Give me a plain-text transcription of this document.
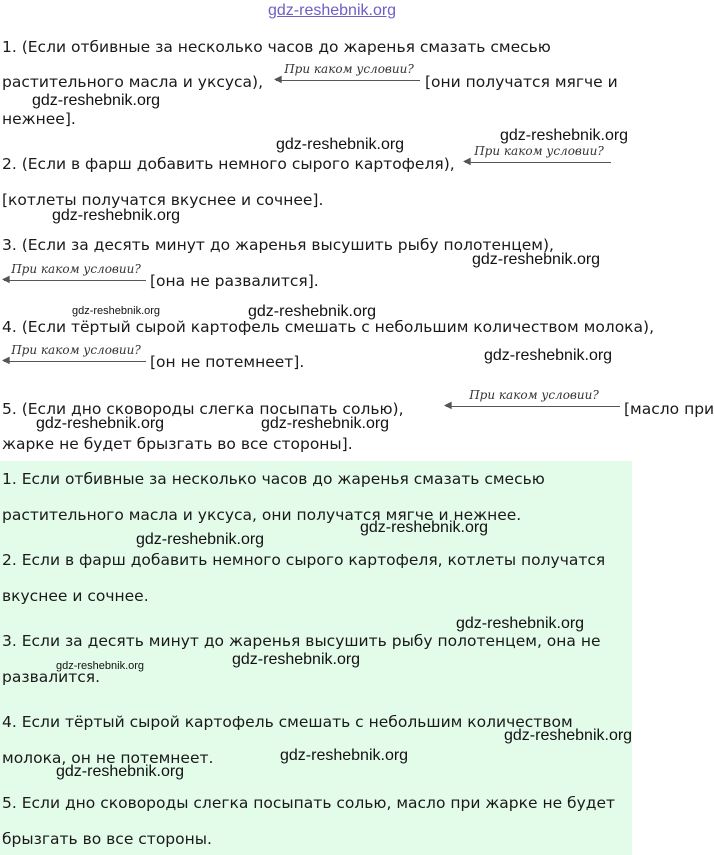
gdz-reshebnik.org
1. (Если отбивные за несколько часов до жаренья смазать смесью
растительного масла и уксуса),
При каком условии?
◀	[они получатся мягче и
нежнее].
2. (Если в фарш добавить немного сырого картофеля),
При каком условии?
◀
[котлеты получатся вкуснее и сочнее].
3. (Если за десять минут до жаренья высушить рыбу полотенцем),
При каком условии?
◀	[она не развалится].
4. (Если тёртый сырой картофель смешать с небольшим количеством молока),
При каком условии?
◀	[он не потемнеет].
5. (Если дно сковороды слегка посыпать солью),
При каком условии?
◀	[масло при
жарке не будет брызгать во все стороны].
1. Если отбивные за несколько часов до жаренья смазать смесью
растительного масла и уксуса, они получатся мягче и нежнее.
2. Если в фарш добавить немного сырого картофеля, котлеты получатся
вкуснее и сочнее.
3. Если за десять минут до жаренья высушить рыбу полотенцем, она не
развалится.
4. Если тёртый сырой картофель смешать с небольшим количеством
молока, он не потемнеет.
5. Если дно сковороды слегка посыпать солью, масло при жарке не будет
брызгать во все стороны.
gdz-reshebnik.org
gdz-reshebnik.org
gdz-reshebnik.org
gdz-reshebnik.org
gdz-reshebnik.org
gdz-reshebnik.org	gdz-reshebnik.org
gdz-reshebnik.org
gdz-reshebnik.org	gdz-reshebnik.org
gdz-reshebnik.org
gdz-reshebnik.org
gdz-reshebnik.org
gdz-reshebnik.org
gdz-reshebnik.org
gdz-reshebnik.org
gdz-reshebnik.org
gdz-reshebnik.org
